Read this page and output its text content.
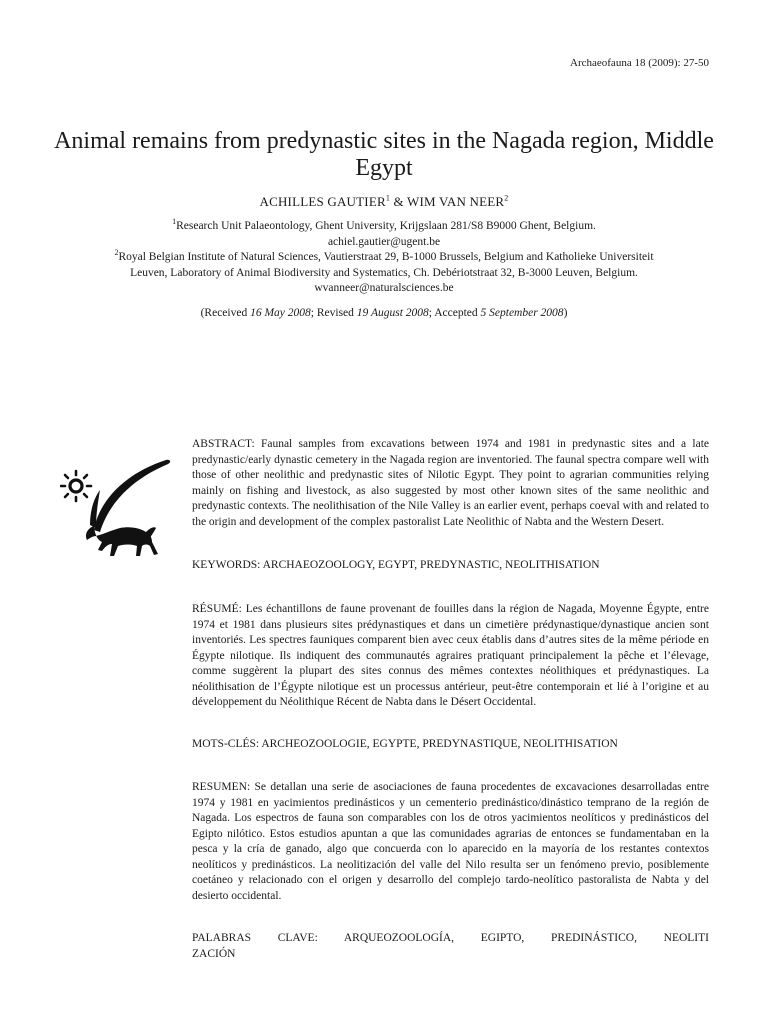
Archaeofauna 18 (2009): 27-50
Animal remains from predynastic sites in the Nagada region, Middle Egypt
ACHILLES GAUTIER$^1$ & WIM VAN NEER$^2$
$^1$Research Unit Palaeontology, Ghent University, Krijgslaan 281/S8 B9000 Ghent, Belgium.
achiel.gautier@ugent.be
$^2$Royal Belgian Institute of Natural Sciences, Vautierstraat 29, B-1000 Brussels, Belgium and Katholieke Universiteit
Leuven, Laboratory of Animal Biodiversity and Systematics, Ch. Debériotstraat 32, B-3000 Leuven, Belgium.
wvanneer@naturalsciences.be
(Received 16 May 2008; Revised 19 August 2008; Accepted 5 September 2008)
ABSTRACT: Faunal samples from excavations between 1974 and 1981 in predynastic sites and a late predynastic/early dynastic cemetery in the Nagada region are inventoried. The faunal spectra compare well with those of other neolithic and predynastic sites of Nilotic Egypt. They point to agrarian communities relying mainly on fishing and livestock, as also suggested by most other known sites of the same neolithic and predynastic contexts. The neolithisation of the Nile Valley is an earlier event, perhaps coeval with and related to the origin and development of the complex pastoralist Late Neolithic of Nabta and the Western Desert.
KEYWORDS: ARCHAEOZOOLOGY, EGYPT, PREDYNASTIC, NEOLITHISATION
RÉSUMÉ: Les échantillons de faune provenant de fouilles dans la région de Nagada, Moyenne Égypte, entre 1974 et 1981 dans plusieurs sites prédynastiques et dans un cimetière prédynastique/dynastique ancien sont inventoriés. Les spectres fauniques comparent bien avec ceux établis dans d’autres sites de la même période en Égypte nilotique. Ils indiquent des communautés agraires pratiquant principalement la pêche et l’élevage, comme suggèrent la plupart des sites connus des mêmes contextes néolithiques et prédynastiques. La néolithisation de l’Égypte nilotique est un processus antérieur, peut-être contemporain et lié à l’origine et au développement du Néolithique Récent de Nabta dans le Désert Occidental.
MOTS-CLÉS: ARCHEOZOOLOGIE, EGYPTE, PREDYNASTIQUE, NEOLITHISATION
RESUMEN: Se detallan una serie de asociaciones de fauna procedentes de excavaciones desarrolladas entre 1974 y 1981 en yacimientos predinásticos y un cementerio predinástico/dinástico temprano de la región de Nagada. Los espectros de fauna son comparables con los de otros yacimientos neolíticos y predinásticos del Egipto nilótico. Estos estudios apuntan a que las comunidades agrarias de entonces se fundamentaban en la pesca y la cría de ganado, algo que concuerda con lo aparecido en la mayoría de los restantes contextos neolíticos y predinásticos. La neolitización del valle del Nilo resulta ser un fenómeno previo, posiblemente coetáneo y relacionado con el origen y desarrollo del complejo tardo-neolítico pastoralista de Nabta y del desierto occidental.
PALABRAS CLAVE: ARQUEOZOOLOGÍA, EGIPTO, PREDINÁSTICO, NEOLITI
ZACIÓN
